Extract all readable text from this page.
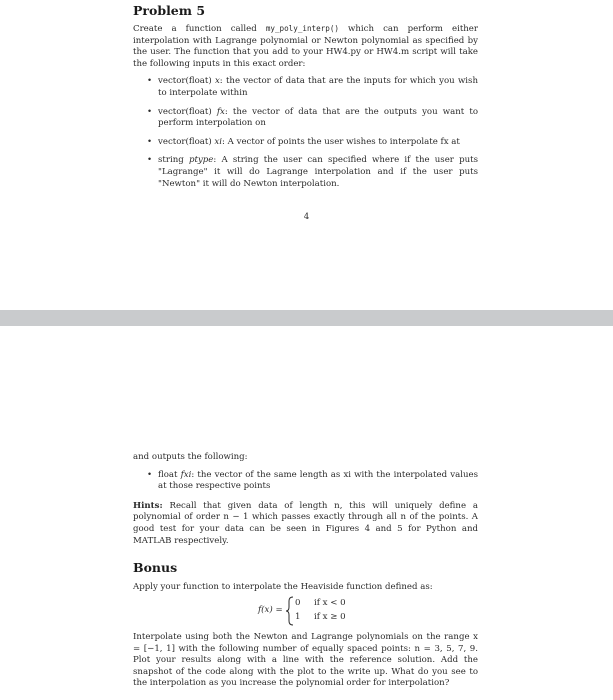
Problem 5

Create a function called my_poly_interp() which can perform either interpolation with Lagrange polynomial or Newton polynomial as specified by the user. The function that you add to your HW4.py or HW4.m script will take the following inputs in this exact order:

• vector(float) x: the vector of data that are the inputs for which you wish to interpolate within
• vector(float) fx: the vector of data that are the outputs you want to perform interpolation on
• vector(float) xi: A vector of points the user wishes to interpolate fx at
• string ptype: A string the user can specified where if the user puts "Lagrange" it will do Lagrange interpolation and if the user puts "Newton" it will do Newton interpolation.
4

and outputs the following:

• float fxi: the vector of the same length as xi with the interpolated values at those respective points

Hints: Recall that given data of length n, this will uniquely define a polynomial of order n − 1 which passes exactly through all n of the points. A good test for your data can be seen in Figures 4 and 5 for Python and MATLAB respectively.

Bonus

Apply your function to interpolate the Heaviside function defined as:

f(x) =
0 if x < 0
1 if x ≥ 0

Interpolate using both the Newton and Lagrange polynomials on the range x = [−1, 1] with the following number of equally spaced points: n = 3, 5, 7, 9. Plot your results along with a line with the reference solution. Add the snapshot of the code along with the plot to the write up. What do you see to the interpolation as you increase the polynomial order for interpolation?
